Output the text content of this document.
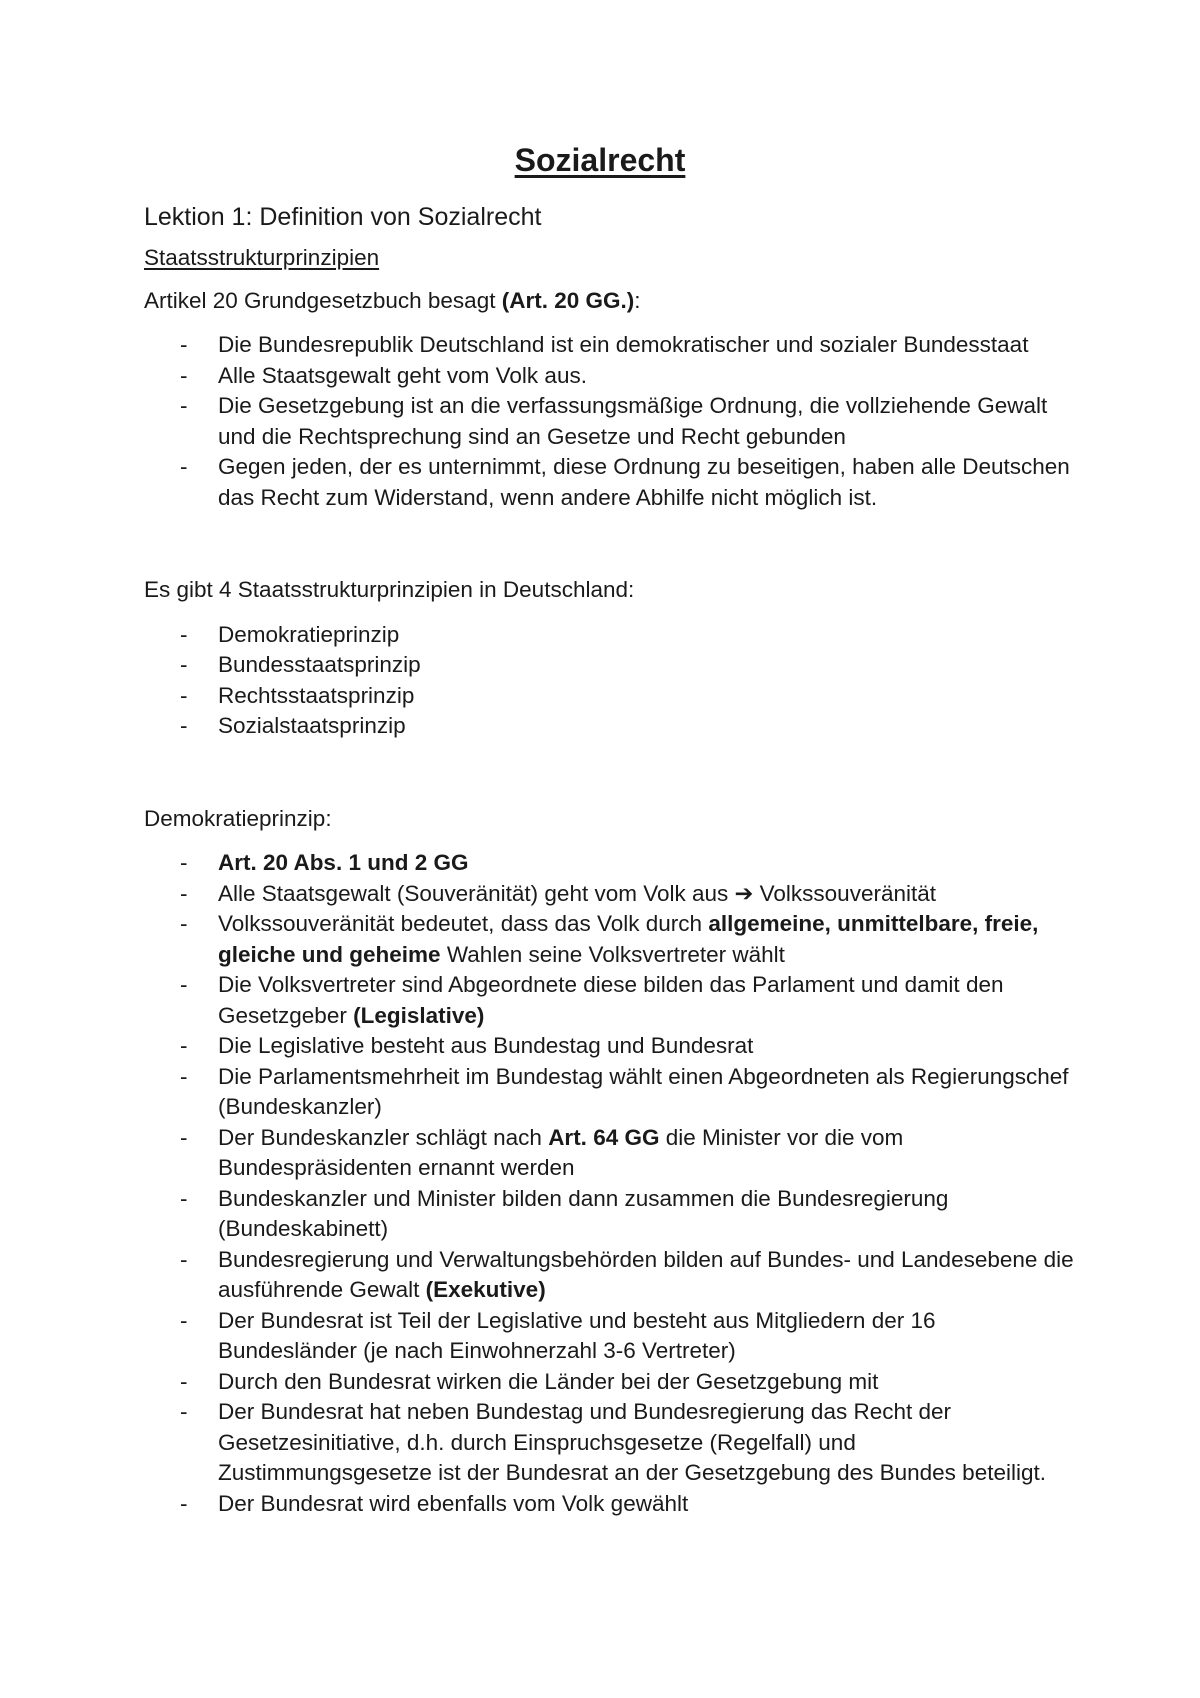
Sozialrecht
Lektion 1: Definition von Sozialrecht

Staatsstrukturprinzipien

Artikel 20 Grundgesetzbuch besagt (Art. 20 GG.):

- Die Bundesrepublik Deutschland ist ein demokratischer und sozialer Bundesstaat
- Alle Staatsgewalt geht vom Volk aus.
- Die Gesetzgebung ist an die verfassungsmäßige Ordnung, die vollziehende Gewalt und die Rechtsprechung sind an Gesetze und Recht gebunden
- Gegen jeden, der es unternimmt, diese Ordnung zu beseitigen, haben alle Deutschen das Recht zum Widerstand, wenn andere Abhilfe nicht möglich ist.

Es gibt 4 Staatsstrukturprinzipien in Deutschland:

- Demokratieprinzip
- Bundesstaatsprinzip
- Rechtsstaatsprinzip
- Sozialstaatsprinzip

Demokratieprinzip:

- Art. 20 Abs. 1 und 2 GG
- Alle Staatsgewalt (Souveränität) geht vom Volk aus ➔ Volkssouveränität
- Volkssouveränität bedeutet, dass das Volk durch allgemeine, unmittelbare, freie, gleiche und geheime Wahlen seine Volksvertreter wählt
- Die Volksvertreter sind Abgeordnete diese bilden das Parlament und damit den Gesetzgeber (Legislative)
- Die Legislative besteht aus Bundestag und Bundesrat
- Die Parlamentsmehrheit im Bundestag wählt einen Abgeordneten als Regierungschef (Bundeskanzler)
- Der Bundeskanzler schlägt nach Art. 64 GG die Minister vor die vom Bundespräsidenten ernannt werden
- Bundeskanzler und Minister bilden dann zusammen die Bundesregierung (Bundeskabinett)
- Bundesregierung und Verwaltungsbehörden bilden auf Bundes- und Landesebene die ausführende Gewalt (Exekutive)
- Der Bundesrat ist Teil der Legislative und besteht aus Mitgliedern der 16 Bundesländer (je nach Einwohnerzahl 3-6 Vertreter)
- Durch den Bundesrat wirken die Länder bei der Gesetzgebung mit
- Der Bundesrat hat neben Bundestag und Bundesregierung das Recht der Gesetzesinitiative, d.h. durch Einspruchsgesetze (Regelfall) und Zustimmungsgesetze ist der Bundesrat an der Gesetzgebung des Bundes beteiligt.
- Der Bundesrat wird ebenfalls vom Volk gewählt
